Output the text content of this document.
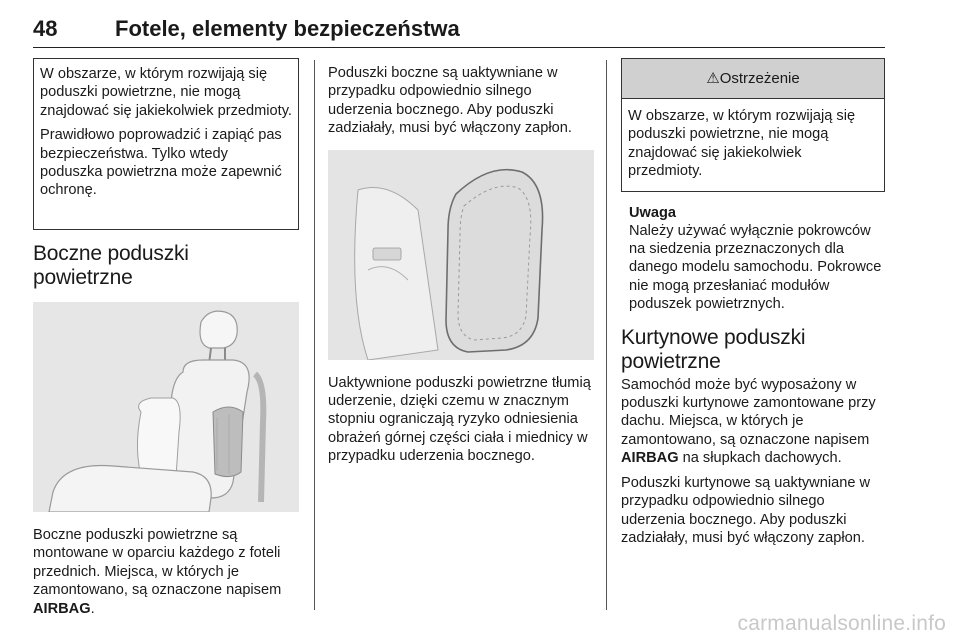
48	Fotele, elementy bezpieczeństwa

W obszarze, w którym rozwijają się poduszki powietrzne, nie mogą znajdować się jakiekolwiek przedmioty.

Prawidłowo poprowadzić i zapiąć pas bezpieczeństwa. Tylko wtedy poduszka powietrzna może zapewnić ochronę.

Boczne poduszki
powietrzne

Boczne poduszki powietrzne są montowane w oparciu każdego z foteli przednich. Miejsca, w których je zamontowano, są oznaczone napisem AIRBAG.

Poduszki boczne są uaktywniane w przypadku odpowiednio silnego uderzenia bocznego. Aby poduszki zadziałały, musi być włączony zapłon.

Uaktywnione poduszki powietrzne tłumią uderzenie, dzięki czemu w znacznym stopniu ograniczają ryzyko odniesienia obrażeń górnej części ciała i miednicy w przypadku uderzenia bocznego.

⚠Ostrzeżenie

W obszarze, w którym rozwijają się poduszki powietrzne, nie mogą znajdować się jakiekolwiek przedmioty.

Uwaga

Należy używać wyłącznie pokrowców na siedzenia przeznaczonych dla danego modelu samochodu. Pokrowce nie mogą przesłaniać modułów poduszek powietrznych.

Kurtynowe poduszki
powietrzne

Samochód może być wyposażony w poduszki kurtynowe zamontowane przy dachu. Miejsca, w których je zamontowano, są oznaczone napisem AIRBAG na słupkach dachowych.

Poduszki kurtynowe są uaktywniane w przypadku odpowiednio silnego uderzenia bocznego. Aby poduszki zadziałały, musi być włączony zapłon.

carmanualsonline.info
